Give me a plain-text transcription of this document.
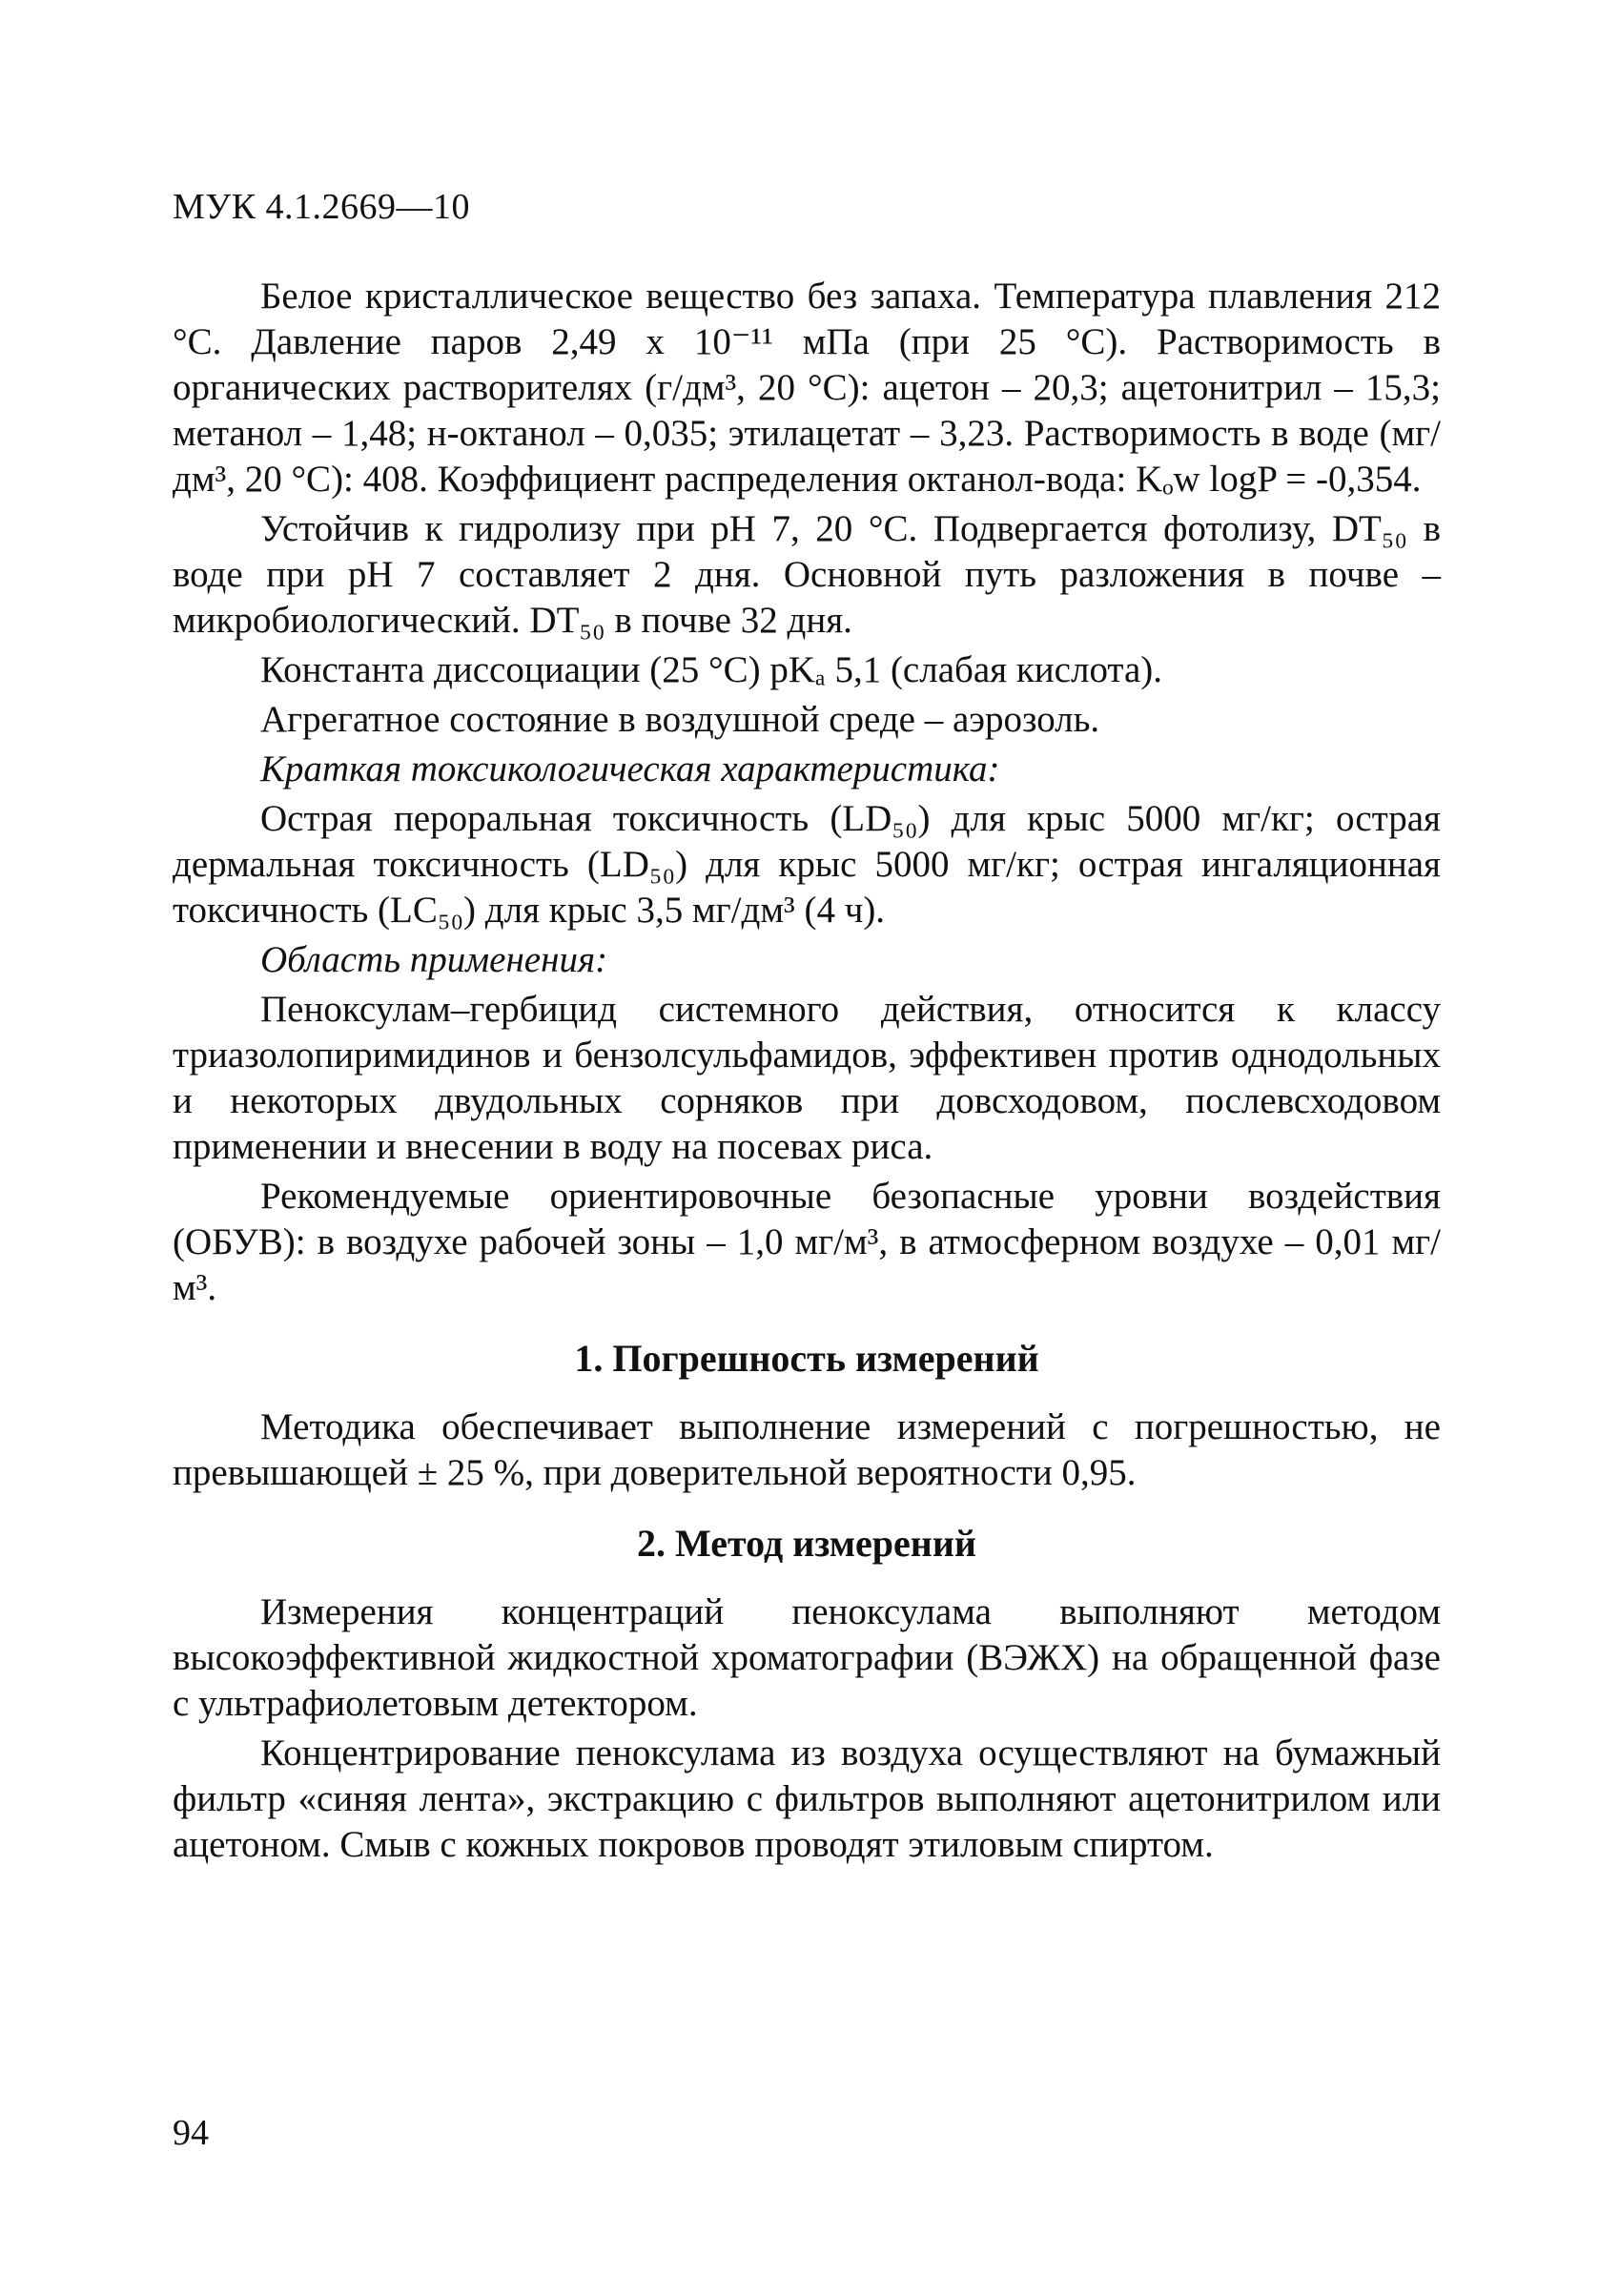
МУК 4.1.2669—10

Белое кристаллическое вещество без запаха. Температура плавления 212 °С. Давление паров 2,49 х 10⁻¹¹ мПа (при 25 °С). Растворимость в органических растворителях (г/дм³, 20 °С): ацетон – 20,3; ацетонитрил – 15,3; метанол – 1,48; н-октанол – 0,035; этилацетат – 3,23. Растворимость в воде (мг/дм³, 20 °С): 408. Коэффициент распределения октанол-вода: Kₒw logP = -0,354.

Устойчив к гидролизу при pH 7, 20 °С. Подвергается фотолизу, DT₅₀ в воде при pH 7 составляет 2 дня. Основной путь разложения в почве – микробиологический. DT₅₀ в почве 32 дня.

Константа диссоциации (25 °С) pKₐ 5,1 (слабая кислота).

Агрегатное состояние в воздушной среде – аэрозоль.

Краткая токсикологическая характеристика:

Острая пероральная токсичность (LD₅₀) для крыс 5000 мг/кг; острая дермальная токсичность (LD₅₀) для крыс 5000 мг/кг; острая ингаляционная токсичность (LC₅₀) для крыс 3,5 мг/дм³ (4 ч).

Область применения:

Пеноксулам–гербицид системного действия, относится к классу триазолопиримидинов и бензолсульфамидов, эффективен против однодольных и некоторых двудольных сорняков при довсходовом, послевсходовом применении и внесении в воду на посевах риса.

Рекомендуемые ориентировочные безопасные уровни воздействия (ОБУВ): в воздухе рабочей зоны – 1,0 мг/м³, в атмосферном воздухе – 0,01 мг/м³.

1. Погрешность измерений

Методика обеспечивает выполнение измерений с погрешностью, не превышающей ± 25 %, при доверительной вероятности 0,95.

2. Метод измерений

Измерения концентраций пеноксулама выполняют методом высокоэффективной жидкостной хроматографии (ВЭЖХ) на обращенной фазе с ультрафиолетовым детектором.

Концентрирование пеноксулама из воздуха осуществляют на бумажный фильтр «синяя лента», экстракцию с фильтров выполняют ацетонитрилом или ацетоном. Смыв с кожных покровов проводят этиловым спиртом.

94
